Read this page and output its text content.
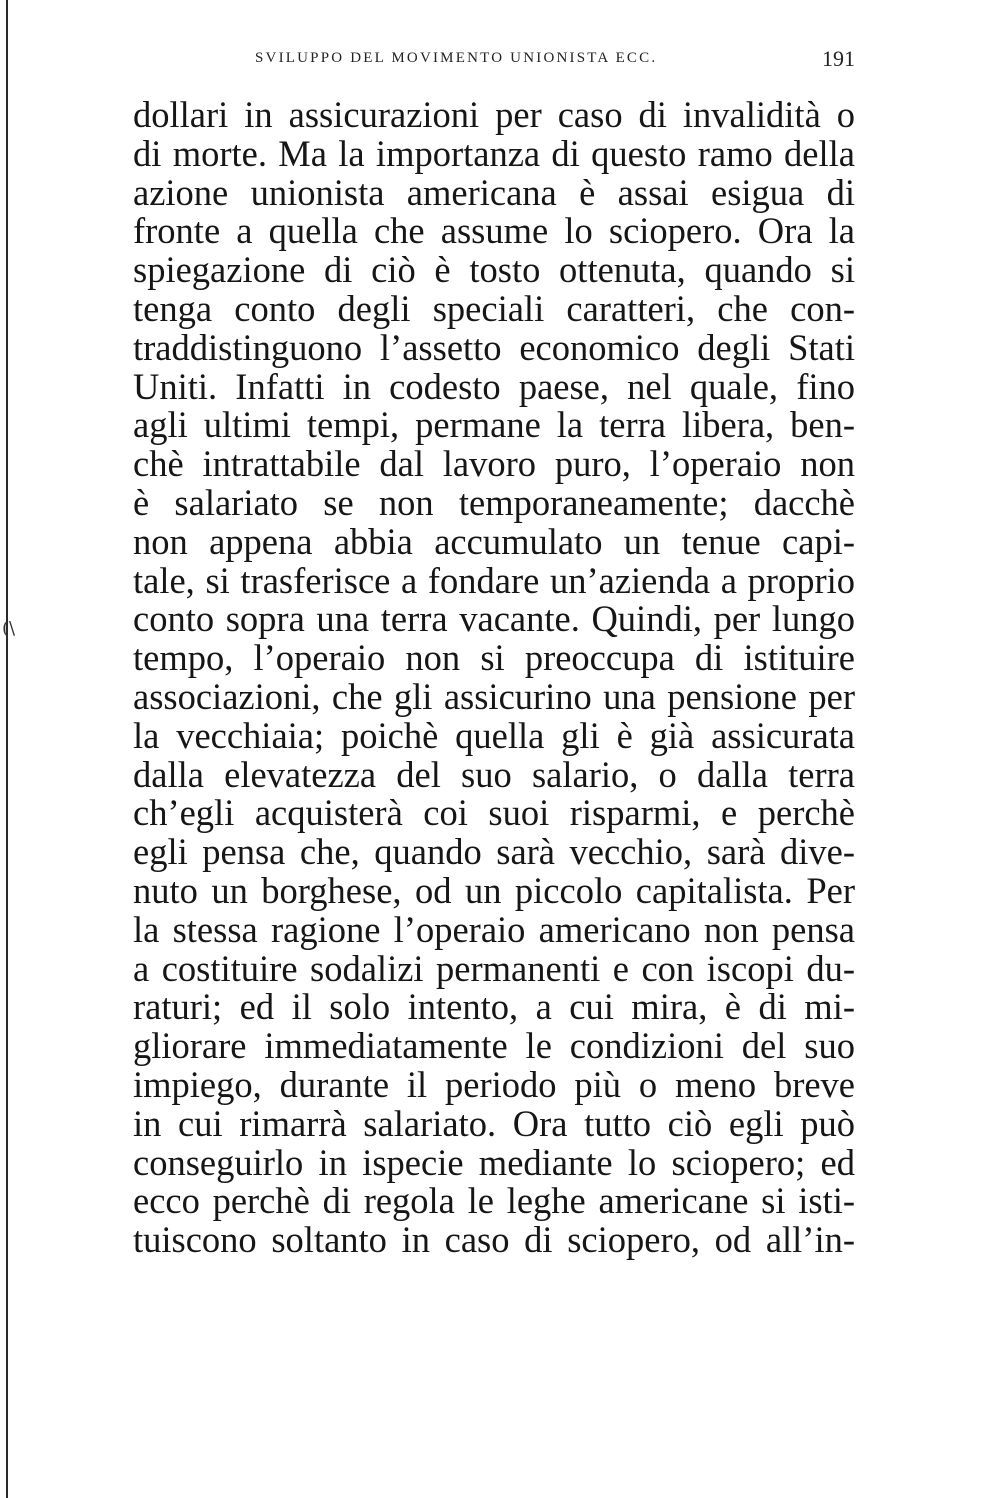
(\
SVILUPPO DEL MOVIMENTO UNIONISTA ECC.	191
dollari in assicurazioni per caso di invalidità o
di morte. Ma la importanza di questo ramo della
azione unionista americana è assai esigua di
fronte a quella che assume lo sciopero. Ora la
spiegazione di ciò è tosto ottenuta, quando si
tenga conto degli speciali caratteri, che con-
traddistinguono l’assetto economico degli Stati
Uniti. Infatti in codesto paese, nel quale, fino
agli ultimi tempi, permane la terra libera, ben-
chè intrattabile dal lavoro puro, l’operaio non
è salariato se non temporaneamente; dacchè
non appena abbia accumulato un tenue capi-
tale, si trasferisce a fondare un’azienda a proprio
conto sopra una terra vacante. Quindi, per lungo
tempo, l’operaio non si preoccupa di istituire
associazioni, che gli assicurino una pensione per
la vecchiaia; poichè quella gli è già assicurata
dalla elevatezza del suo salario, o dalla terra
ch’egli acquisterà coi suoi risparmi, e perchè
egli pensa che, quando sarà vecchio, sarà dive-
nuto un borghese, od un piccolo capitalista. Per
la stessa ragione l’operaio americano non pensa
a costituire sodalizi permanenti e con iscopi du-
raturi; ed il solo intento, a cui mira, è di mi-
gliorare immediatamente le condizioni del suo
impiego, durante il periodo più o meno breve
in cui rimarrà salariato. Ora tutto ciò egli può
conseguirlo in ispecie mediante lo sciopero; ed
ecco perchè di regola le leghe americane si isti-
tuiscono soltanto in caso di sciopero, od all’in-
